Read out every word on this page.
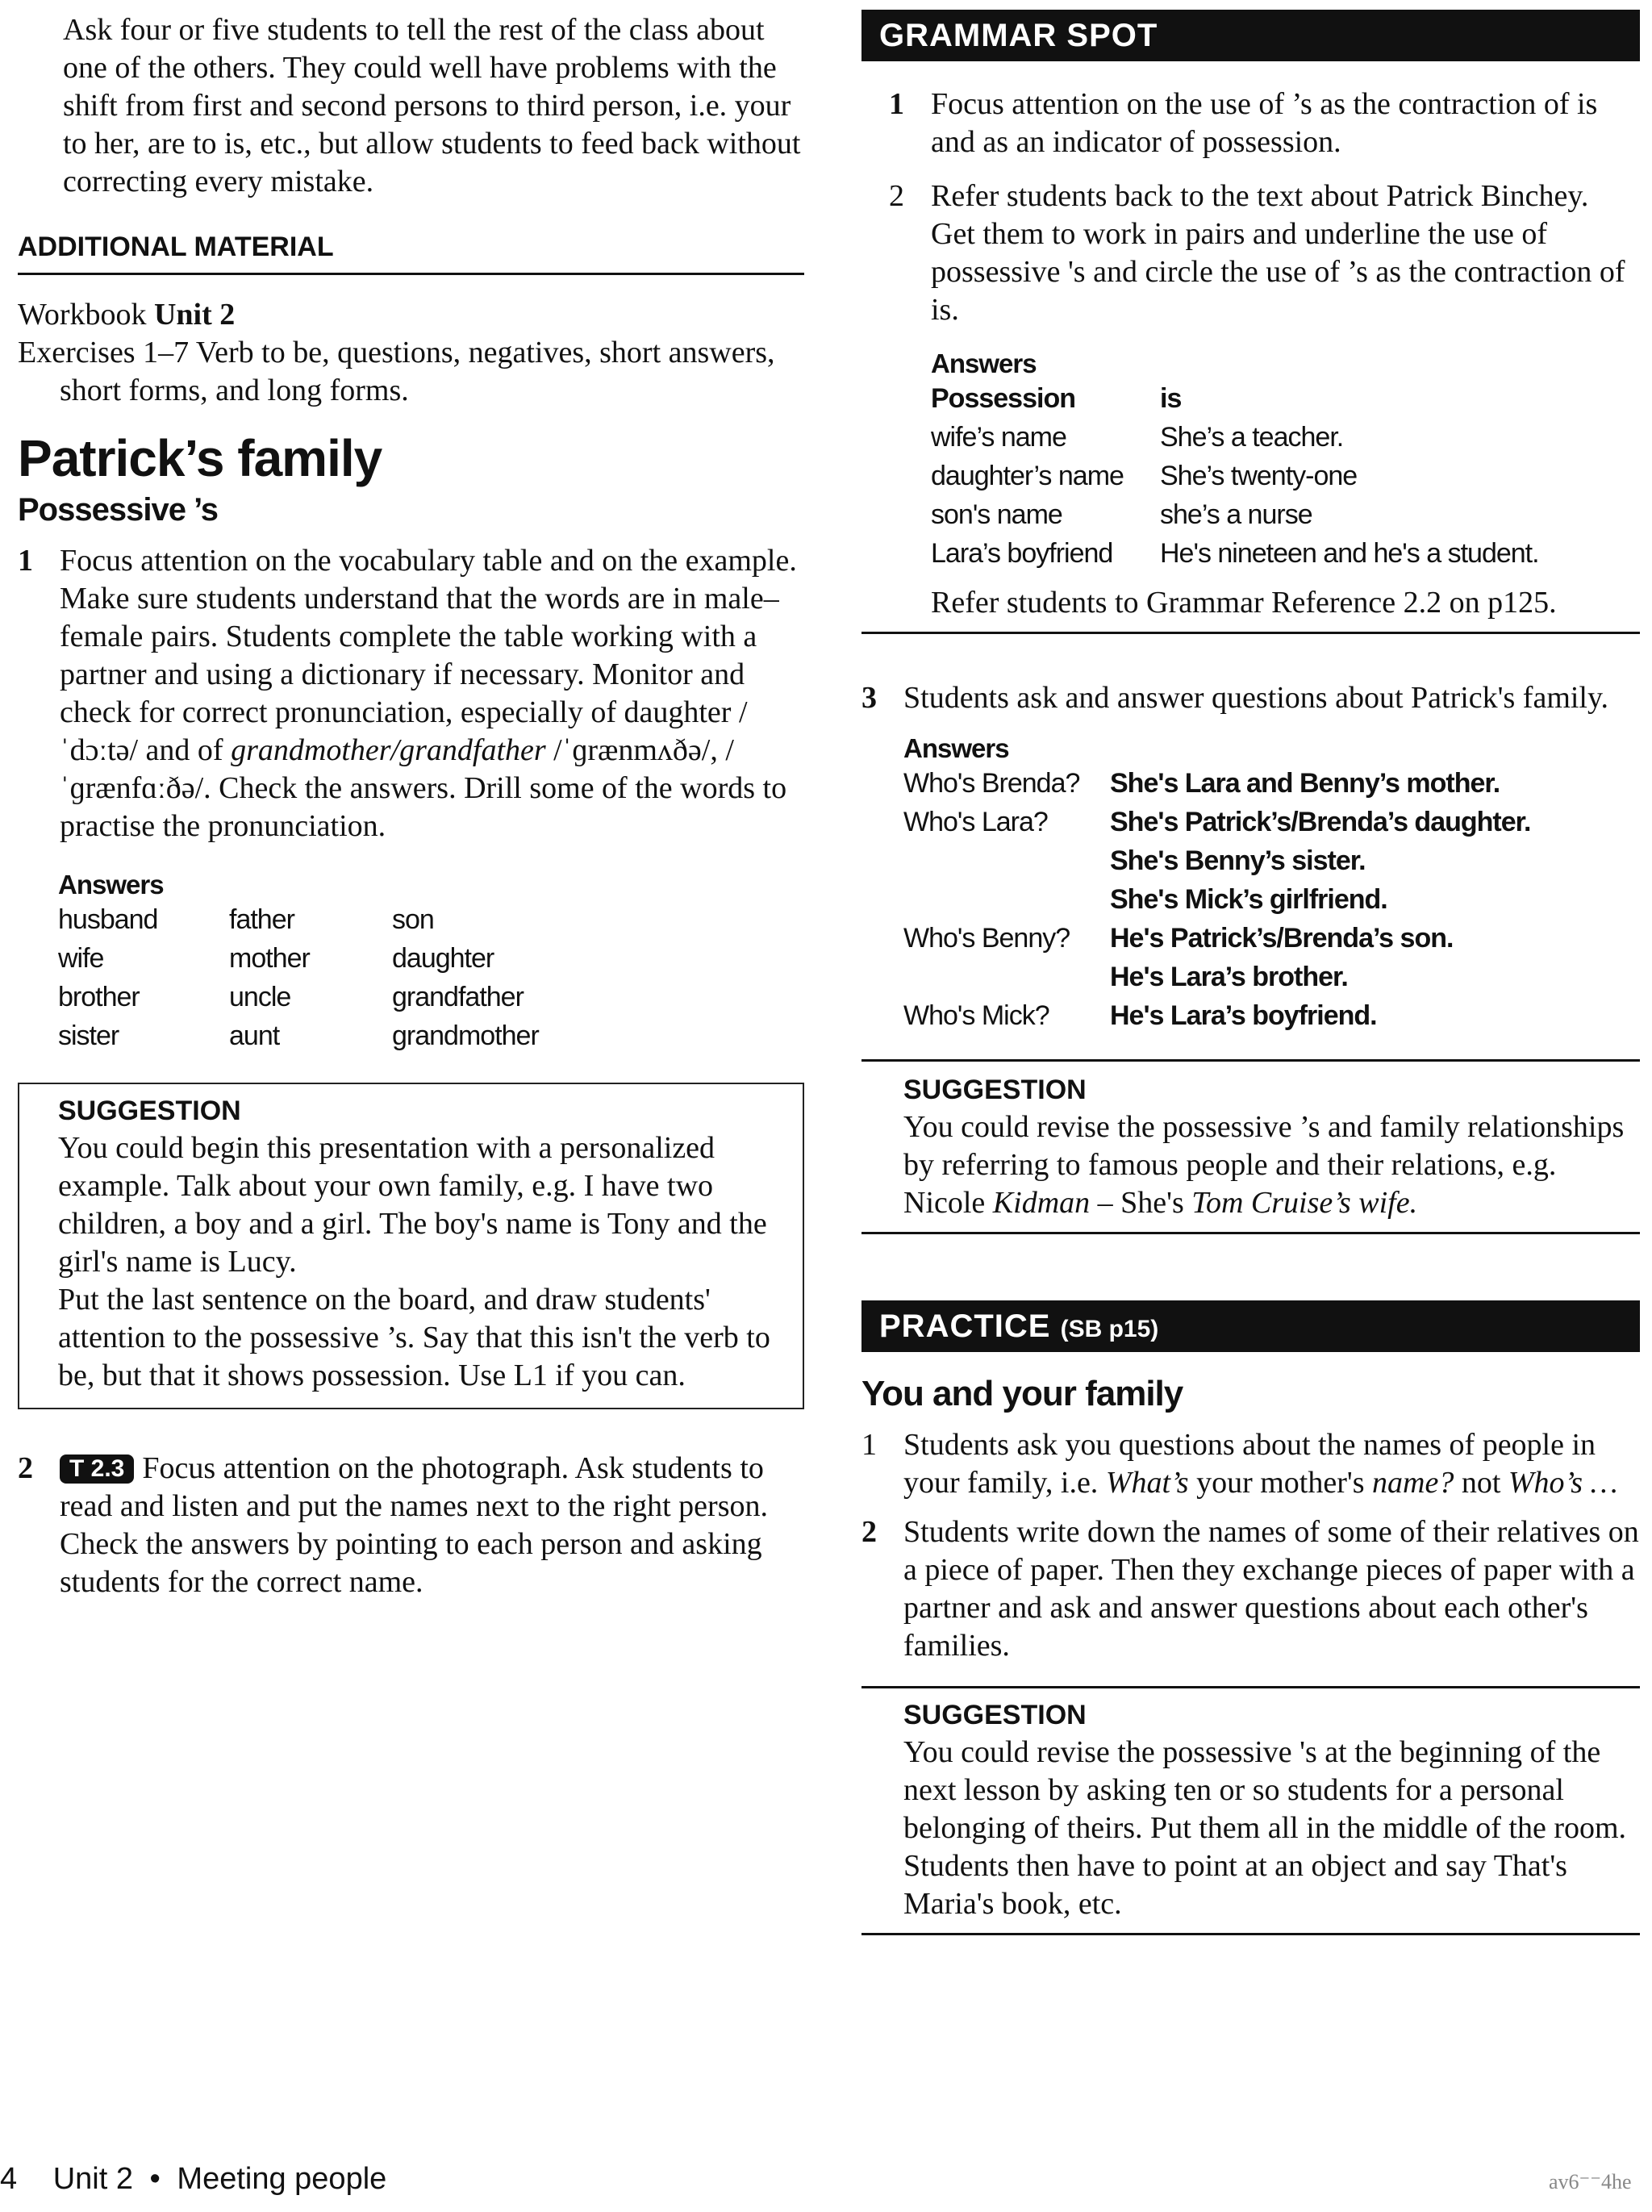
Ask four or five students to tell the rest of the class about one of the others. They could well have problems with the shift from first and second persons to third person, i.e. your to her, are to is, etc., but allow students to feed back without correcting every mistake.

ADDITIONAL MATERIAL

Workbook Unit 2

Exercises 1–7 Verb to be, questions, negatives, short answers, short forms, and long forms.

Patrick’s family
Possessive ’s
1 Focus attention on the vocabulary table and on the example. Make sure students understand that the words are in male–female pairs. Students complete the table working with a partner and using a dictionary if necessary. Monitor and check for correct pronunciation, especially of daughter /ˈdɔːtə/ and of grandmother/grandfather /ˈɡrænmʌðə/, /ˈɡrænfɑːðə/. Check the answers. Drill some of the words to practise the pronunciation.
Answers
husband	father	son
wife	mother	daughter
brother	uncle	grandfather
sister	aunt	grandmother
SUGGESTION

You could begin this presentation with a personalized example. Talk about your own family, e.g. I have two children, a boy and a girl. The boy's name is Tony and the girl's name is Lucy.

Put the last sentence on the board, and draw students' attention to the possessive ’s. Say that this isn't the verb to be, but that it shows possession. Use L1 if you can.

2 T 2.3 Focus attention on the photograph. Ask students to read and listen and put the names next to the right person. Check the answers by pointing to each person and asking students for the correct name.
GRAMMAR SPOT
1 Focus attention on the use of ’s as the contraction of is and as an indicator of possession.
2 Refer students back to the text about Patrick Binchey. Get them to work in pairs and underline the use of possessive 's and circle the use of ’s as the contraction of is.
Answers
Possession	is
wife’s name	She’s a teacher.
daughter’s name	She’s twenty-one
son's name	she’s a nurse
Lara’s boyfriend	He's nineteen and he's a student.

Refer students to Grammar Reference 2.2 on p125.

3 Students ask and answer questions about Patrick's family.
Answers
Who's Brenda?	She's Lara and Benny’s mother.
Who's Lara?	She's Patrick’s/Brenda’s daughter.
	She's Benny’s sister.
	She's Mick’s girlfriend.
Who's Benny?	He's Patrick’s/Brenda’s son.
	He's Lara’s brother.
Who's Mick?	He's Lara’s boyfriend.
SUGGESTION

You could revise the possessive ’s and family relationships by referring to famous people and their relations, e.g. Nicole Kidman – She's Tom Cruise’s wife.

PRACTICE (SB p15)
You and your family
1 Students ask you questions about the names of people in your family, i.e. What’s your mother's name? not Who’s …
2 Students write down the names of some of their relatives on a piece of paper. Then they exchange pieces of paper with a partner and ask and answer questions about each other's families.
SUGGESTION

You could revise the possessive 's at the beginning of the next lesson by asking ten or so students for a personal belonging of theirs. Put them all in the middle of the room. Students then have to point at an object and say That's Maria's book, etc.

4 Unit 2 • Meeting people	av6⁻⁻4he
